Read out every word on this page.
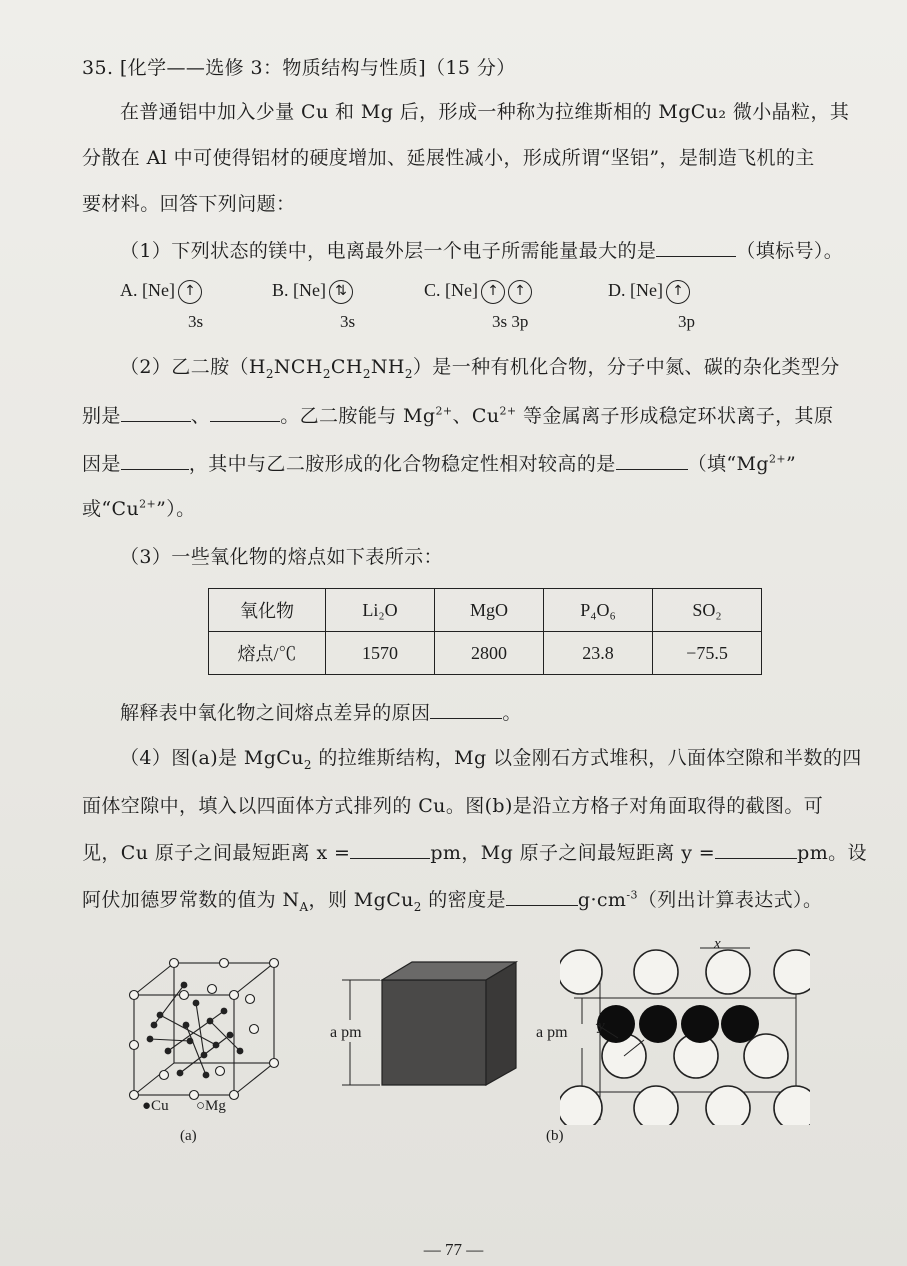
35. [化学——选修 3：物质结构与性质]（15 分）
在普通铝中加入少量 Cu 和 Mg 后，形成一种称为拉维斯相的 MgCu₂ 微小晶粒，其
分散在 Al 中可使得铝材的硬度增加、延展性减小，形成所谓“坚铝”，是制造飞机的主
要材料。回答下列问题：
（1）下列状态的镁中，电离最外层一个电子所需能量最大的是	（填标号）。
A. [Ne] ↑
3s
B. [Ne] ⇅
3s
C. [Ne] ↑ ↑
3s 3p
D. [Ne] ↑
3p
（2）乙二胺$(H_2NCH_2CH_2NH_2)$是一种有机化合物，分子中氮、碳的杂化类型分
别是	、	。乙二胺能与 $Mg^{2+}$、$Cu^{2+}$ 等金属离子形成稳定环状离子，其原
因是	，其中与乙二胺形成的化合物稳定性相对较高的是	（填“$Mg^{2+}$”
或“$Cu^{2+}$”）。
（3）一些氧化物的熔点如下表所示：
氧化物	Li₂O	MgO	P₄O₆	SO₂
熔点/℃	1570	2800	23.8	−75.5
解释表中氧化物之间熔点差异的原因	。
（4）图(a)是 MgCu$_2$ 的拉维斯结构，Mg 以金刚石方式堆积，八面体空隙和半数的四
面体空隙中，填入以四面体方式排列的 Cu。图(b)是沿立方格子对角面取得的截图。可
见，Cu 原子之间最短距离 x =	pm，Mg 原子之间最短距离 y =	pm。设
阿伏加德罗常数的值为 $N_A$，则 MgCu$_2$ 的密度是	$g\cdot cm^{-3}$（列出计算表达式）。
●Cu ○Mg
(a)
a pm	a pm
x
y
(b)
— 77 —
